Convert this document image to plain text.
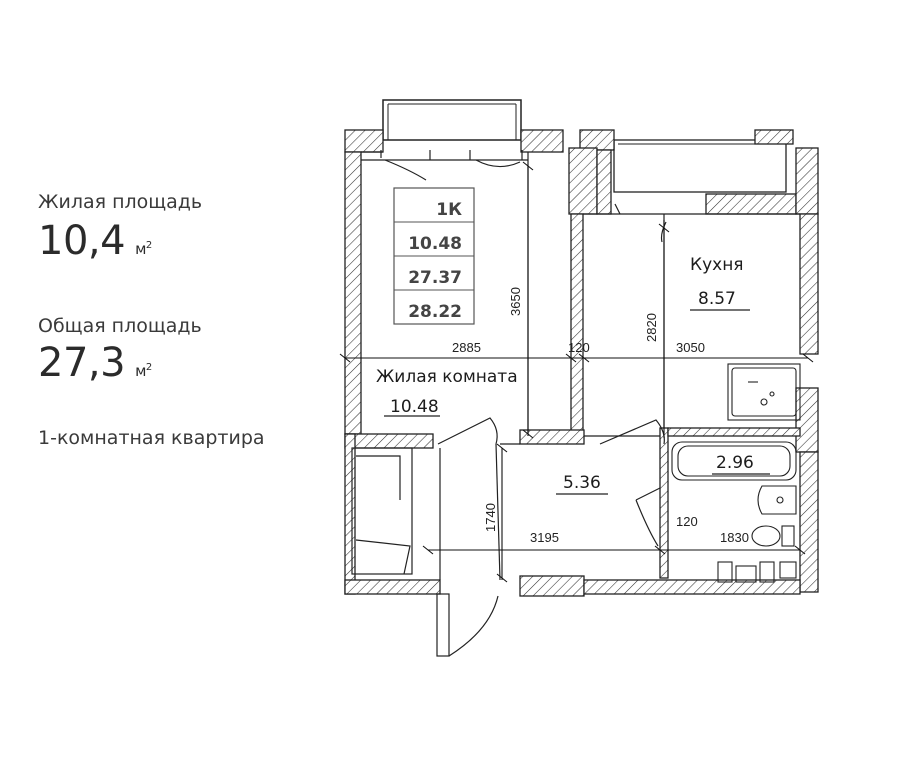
Жилая площадь
10,4 $м^2$
Общая площадь
27,3 $м^2$
1-комнатная квартира
1К
10.48
27.37
28.22
Жилая комната
10.48
Кухня
8.57
5.36
2.96
2885	120	3050
3650
2820
1740
3195
120
1830
